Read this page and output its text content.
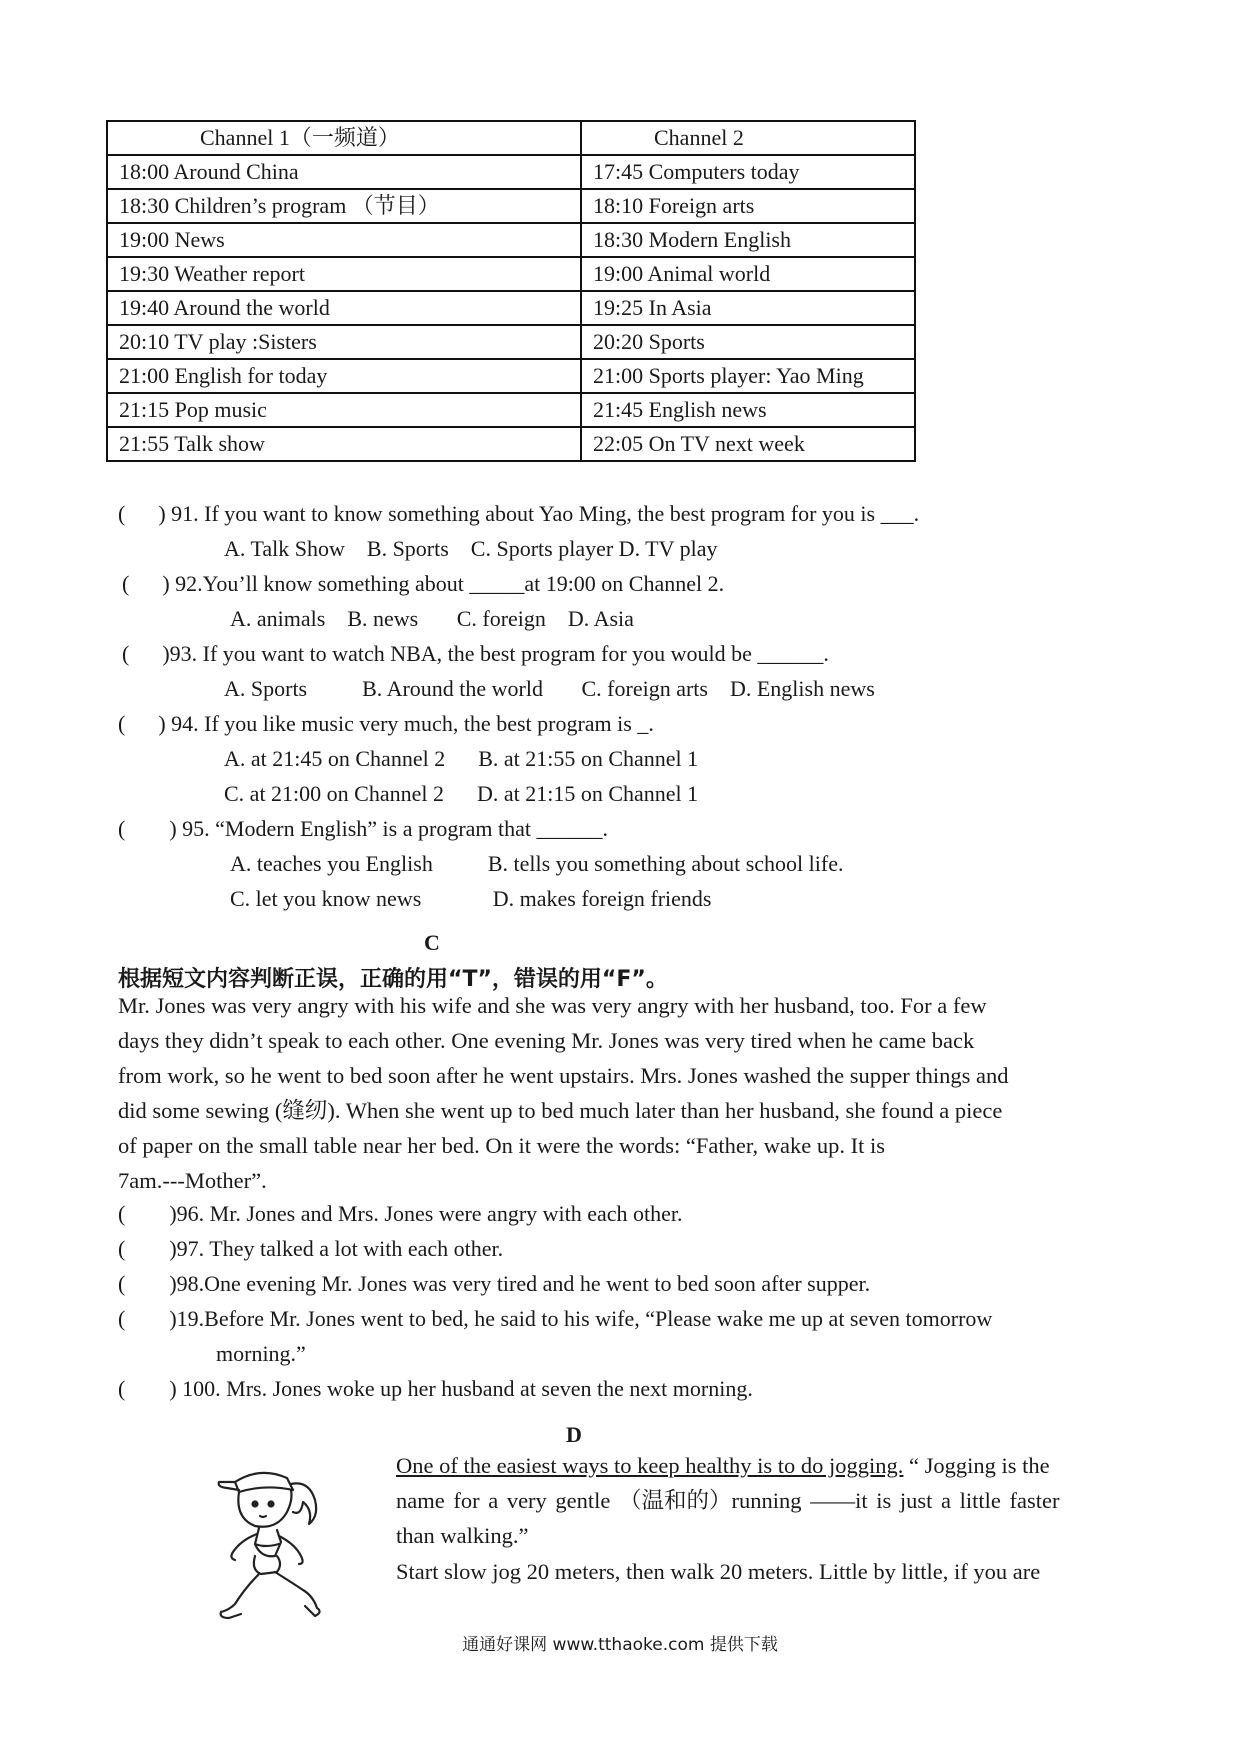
Channel 1（一频道）	Channel 2
18:00 Around China	17:45 Computers today
18:30 Children’s program （节目）	18:10 Foreign arts
19:00 News	18:30 Modern English
19:30 Weather report	19:00 Animal world
19:40 Around the world	19:25 In Asia
20:10 TV play :Sisters	20:20 Sports
21:00 English for today	21:00 Sports player: Yao Ming
21:15 Pop music	21:45 English news
21:55 Talk show	22:05 On TV next week
(      ) 91. If you want to know something about Yao Ming, the best program for you is ___.
A. Talk Show    B. Sports    C. Sports player D. TV play
(      ) 92.You’ll know something about _____at 19:00 on Channel 2.
A. animals    B. news       C. foreign    D. Asia
(      )93. If you want to watch NBA, the best program for you would be ______.
A. Sports          B. Around the world       C. foreign arts    D. English news
(      ) 94. If you like music very much, the best program is _.
A. at 21:45 on Channel 2      B. at 21:55 on Channel 1
C. at 21:00 on Channel 2      D. at 21:15 on Channel 1
(        ) 95. “Modern English” is a program that ______.
A. teaches you English          B. tells you something about school life.
C. let you know news             D. makes foreign friends
C
根据短文内容判断正误，正确的用“T”，错误的用“F”。

Mr. Jones was very angry with his wife and she was very angry with her husband, too. For a few

days they didn’t speak to each other. One evening Mr. Jones was very tired when he came back

from work, so he went to bed soon after he went upstairs. Mrs. Jones washed the supper things and

did some sewing (缝纫). When she went up to bed much later than her husband, she found a piece

of paper on the small table near her bed. On it were the words: “Father, wake up. It is

7am.---Mother”.

(        )96. Mr. Jones and Mrs. Jones were angry with each other.
(        )97. They talked a lot with each other.
(        )98.One evening Mr. Jones was very tired and he went to bed soon after supper.
(        )19.Before Mr. Jones went to bed, he said to his wife, “Please wake me up at seven tomorrow
morning.”
(        ) 100. Mrs. Jones woke up her husband at seven the next morning.
D

One of the easiest ways to keep healthy is to do jogging. “ Jogging is the

name for a very gentle （温和的）running ——it is just a little faster

than walking.”

Start slow jog 20 meters, then walk 20 meters. Little by little, if you are

通通好课网 www.tthaoke.com 提供下载
